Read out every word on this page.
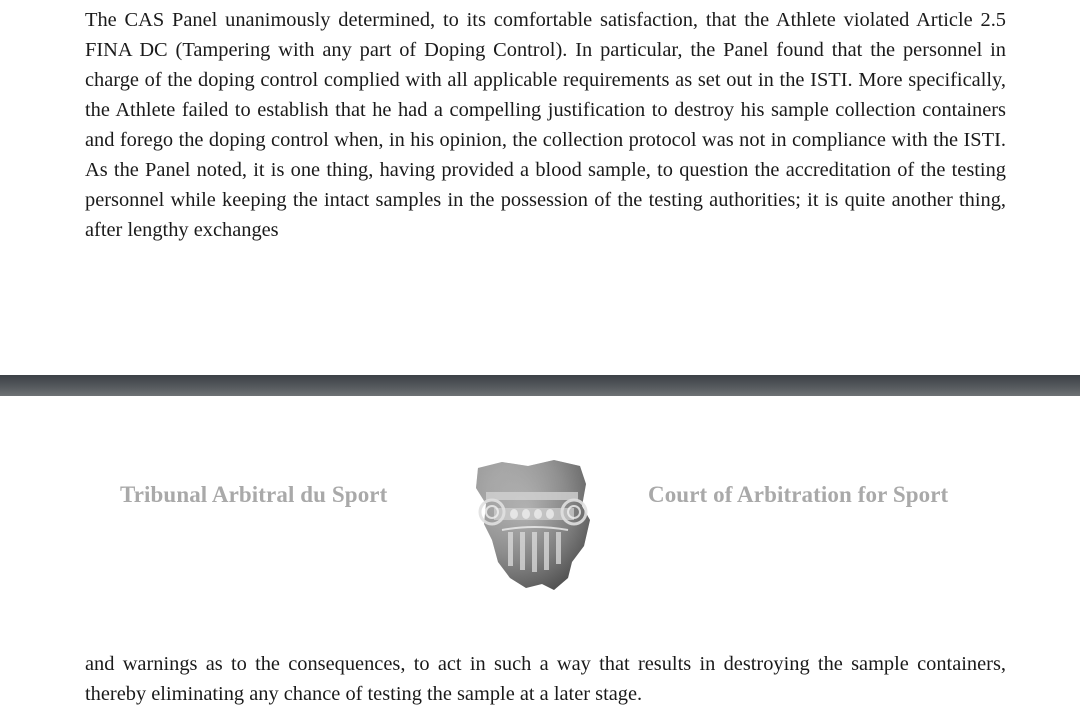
The CAS Panel unanimously determined, to its comfortable satisfaction, that the Athlete violated Article 2.5 FINA DC (Tampering with any part of Doping Control). In particular, the Panel found that the personnel in charge of the doping control complied with all applicable requirements as set out in the ISTI. More specifically, the Athlete failed to establish that he had a compelling justification to destroy his sample collection containers and forego the doping control when, in his opinion, the collection protocol was not in compliance with the ISTI. As the Panel noted, it is one thing, having provided a blood sample, to question the accreditation of the testing personnel while keeping the intact samples in the possession of the testing authorities; it is quite another thing, after lengthy exchanges

Tribunal Arbitral du Sport	Court of Arbitration for Sport

and warnings as to the consequences, to act in such a way that results in destroying the sample containers, thereby eliminating any chance of testing the sample at a later stage.
